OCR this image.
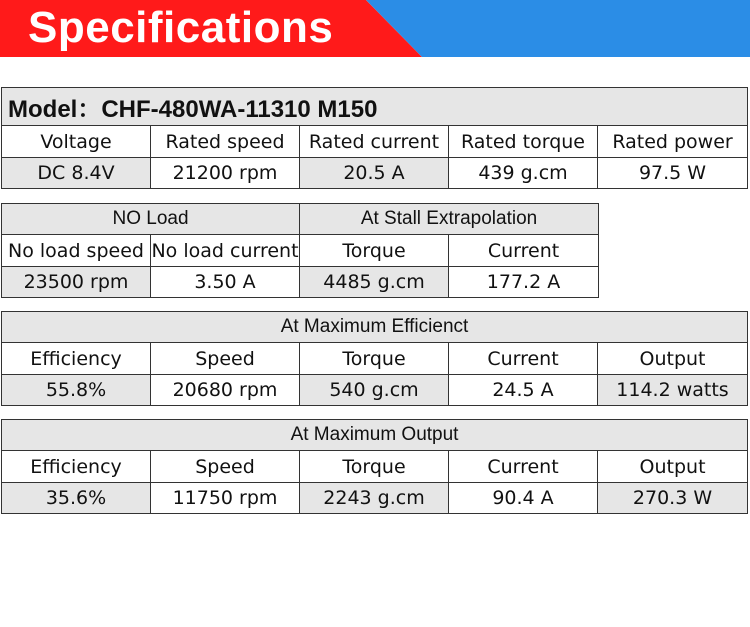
Specifications
Model：CHF-480WA-11310 M150				
Voltage	Rated speed	Rated current	Rated torque	Rated power
DC 8.4V	21200 rpm	20.5 A	439 g.cm	97.5 W
NO Load		At Stall Extrapolation	
No load speed	No load current	Torque	Current
23500 rpm	3.50 A	4485 g.cm	177.2 A
At Maximum Efficienct				
Efficiency	Speed	Torque	Current	Output
55.8%	20680 rpm	540 g.cm	24.5 A	114.2 watts
At Maximum Output				
Efficiency	Speed	Torque	Current	Output
35.6%	11750 rpm	2243 g.cm	90.4 A	270.3 W
